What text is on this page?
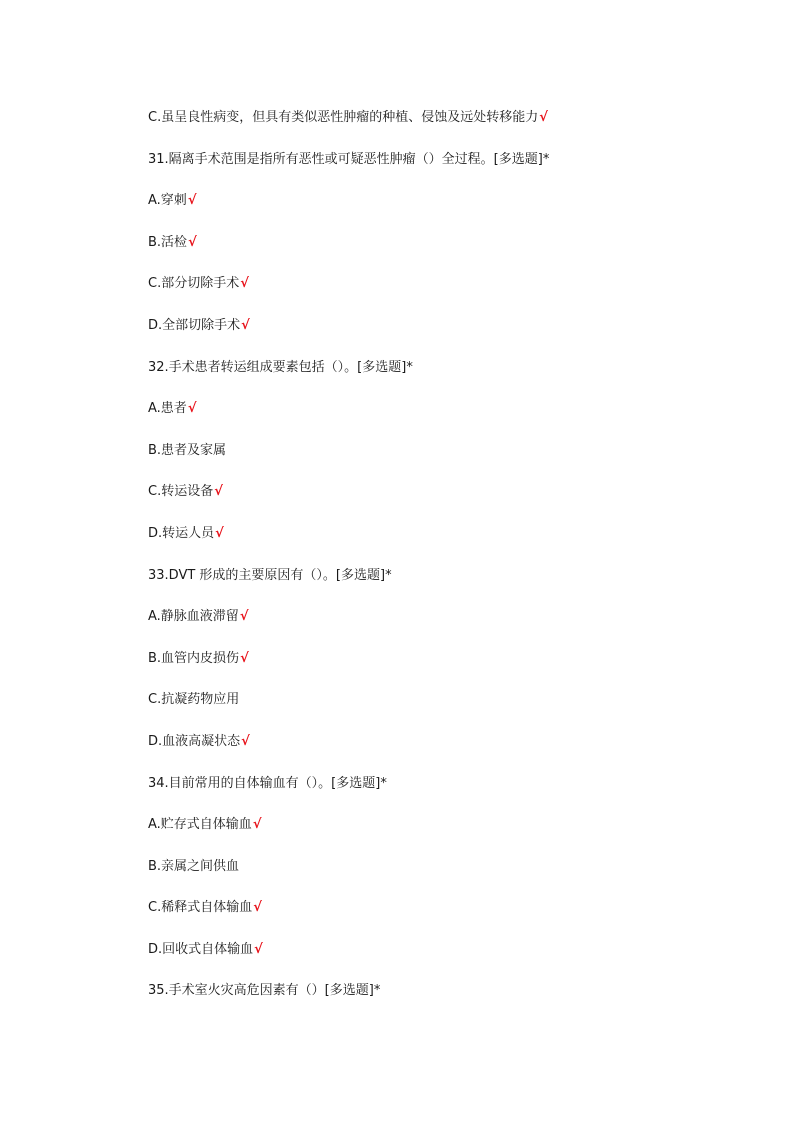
C.虽呈良性病变，但具有类似恶性肿瘤的种植、侵蚀及远处转移能力√
31.隔离手术范围是指所有恶性或可疑恶性肿瘤（）全过程。[多选题]*
A.穿刺√
B.活检√
C.部分切除手术√
D.全部切除手术√
32.手术患者转运组成要素包括（）。[多选题]*
A.患者√
B.患者及家属
C.转运设备√
D.转运人员√
33.DVT 形成的主要原因有（）。[多选题]*
A.静脉血液滞留√
B.血管内皮损伤√
C.抗凝药物应用
D.血液高凝状态√
34.目前常用的自体输血有（）。[多选题]*
A.贮存式自体输血√
B.亲属之间供血
C.稀释式自体输血√
D.回收式自体输血√
35.手术室火灾高危因素有（）[多选题]*
